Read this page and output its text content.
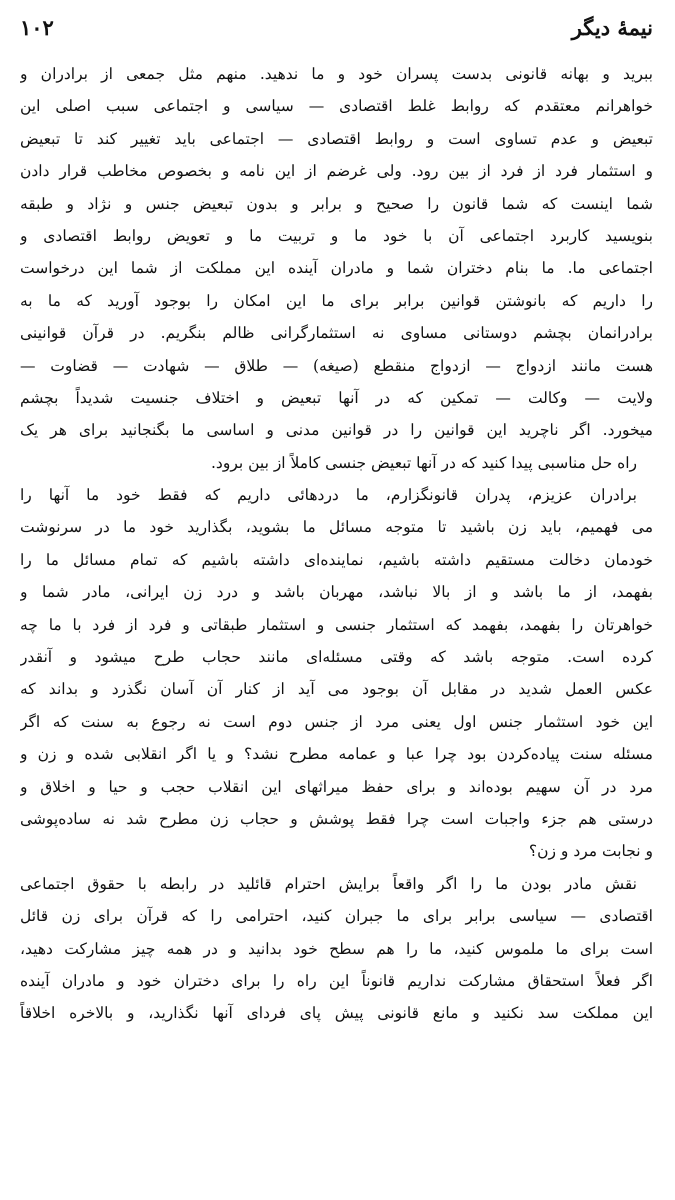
نیمهٔ دیگر
۱۰۲
ببرید و بهانه قانونی بدست پسران خود و ما ندهید. منهم مثل جمعی از برادران و
خواهرانم معتقدم که روابط غلط اقتصادی — سیاسی و اجتماعی سبب اصلی این
تبعیض و عدم تساوی است و روابط اقتصادی — اجتماعی باید تغییر کند تا تبعیض
و استثمار فرد از فرد از بین رود. ولی غرضم از این نامه و بخصوص مخاطب قرار دادن
شما اینست که شما قانون را صحیح و برابر و بدون تبعیض جنس و نژاد و طبقه
بنویسید کاربرد اجتماعی آن با خود ما و تربیت ما و تعویض روابط اقتصادی و
اجتماعی ما. ما بنام دختران شما و مادران آینده این مملکت از شما این درخواست
را داریم که بانوشتن قوانین برابر برای ما این امکان را بوجود آورید که ما به
برادرانمان بچشم دوستانی مساوی نه استثمارگرانی ظالم بنگریم. در قرآن قوانینی
هست مانند ازدواج — ازدواج منقطع (صیغه) — طلاق — شهادت — قضاوت —
ولایت — وکالت — تمکین که در آنها تبعیض و اختلاف جنسیت شدیداً بچشم
میخورد. اگر ناچرید این قوانین را در قوانین مدنی و اساسی ما بگنجانید برای هر یک
راه حل مناسبی پیدا کنید که در آنها تبعیض جنسی کاملاً از بین برود.
برادران عزیزم، پدران قانونگزارم، ما دردهائی داریم که فقط خود ما آنها را
می فهمیم، باید زن باشید تا متوجه مسائل ما بشوید، بگذارید خود ما در سرنوشت
خودمان دخالت مستقیم داشته باشیم، نماینده‌ای داشته باشیم که تمام مسائل ما را
بفهمد، از ما باشد و از بالا نباشد، مهربان باشد و درد زن ایرانی، مادر شما و
خواهرتان را بفهمد، بفهمد که استثمار جنسی و استثمار طبقاتی و فرد از فرد با ما چه
کرده است. متوجه باشد که وقتی مسئله‌ای مانند حجاب طرح میشود و آنقدر
عکس العمل شدید در مقابل آن بوجود می آید از کنار آن آسان نگذرد و بداند که
این خود استثمار جنس اول یعنی مرد از جنس دوم است نه رجوع به سنت که اگر
مسئله سنت پیاده‌کردن بود چرا عبا و عمامه مطرح نشد؟ و یا اگر انقلابی شده و زن و
مرد در آن سهیم بوده‌اند و برای حفظ میراثهای این انقلاب حجب و حیا و اخلاق و
درستی هم جزء واجبات است چرا فقط پوشش و حجاب زن مطرح شد نه ساده‌پوشی
و نجابت مرد و زن؟
نقش مادر بودن ما را اگر واقعاً برایش احترام قائلید در رابطه با حقوق اجتماعی
اقتصادی — سیاسی برابر برای ما جبران کنید، احترامی را که قرآن برای زن قائل
است برای ما ملموس کنید، ما را هم سطح خود بدانید و در همه چیز مشارکت دهید،
اگر فعلاً استحقاق مشارکت نداریم قانوناً این راه را برای دختران خود و مادران آینده
این مملکت سد نکنید و مانع قانونی پیش پای فردای آنها نگذارید، و بالاخره اخلاقاً
